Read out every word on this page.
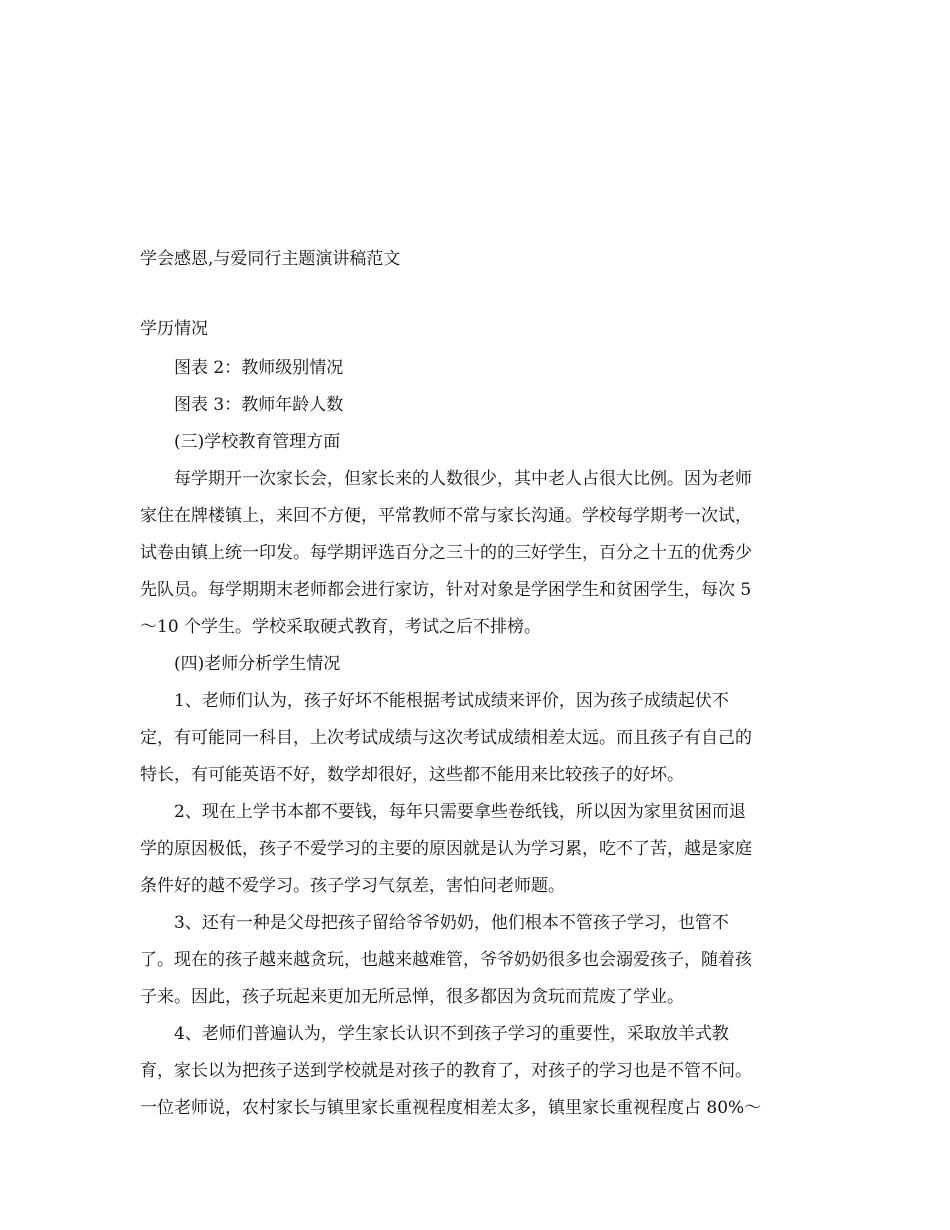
学会感恩,与爱同行主题演讲稿范文
学历情况

图表 2：教师级别情况

图表 3：教师年龄人数

(三)学校教育管理方面

每学期开一次家长会，但家长来的人数很少，其中老人占很大比例。因为老师
家住在牌楼镇上，来回不方便，平常教师不常与家长沟通。学校每学期考一次试，
试卷由镇上统一印发。每学期评选百分之三十的的三好学生，百分之十五的优秀少
先队员。每学期期末老师都会进行家访，针对对象是学困学生和贫困学生，每次 5
～10 个学生。学校采取硬式教育，考试之后不排榜。

(四)老师分析学生情况

1、老师们认为，孩子好坏不能根据考试成绩来评价，因为孩子成绩起伏不
定，有可能同一科目，上次考试成绩与这次考试成绩相差太远。而且孩子有自己的
特长，有可能英语不好，数学却很好，这些都不能用来比较孩子的好坏。

2、现在上学书本都不要钱，每年只需要拿些卷纸钱，所以因为家里贫困而退
学的原因极低，孩子不爱学习的主要的原因就是认为学习累，吃不了苦，越是家庭
条件好的越不爱学习。孩子学习气氛差，害怕问老师题。

3、还有一种是父母把孩子留给爷爷奶奶，他们根本不管孩子学习，也管不
了。现在的孩子越来越贪玩，也越来越难管，爷爷奶奶很多也会溺爱孩子，随着孩
子来。因此，孩子玩起来更加无所忌惮，很多都因为贪玩而荒废了学业。

4、老师们普遍认为，学生家长认识不到孩子学习的重要性，采取放羊式教
育，家长以为把孩子送到学校就是对孩子的教育了，对孩子的学习也是不管不问。
一位老师说，农村家长与镇里家长重视程度相差太多，镇里家长重视程度占 80%～
